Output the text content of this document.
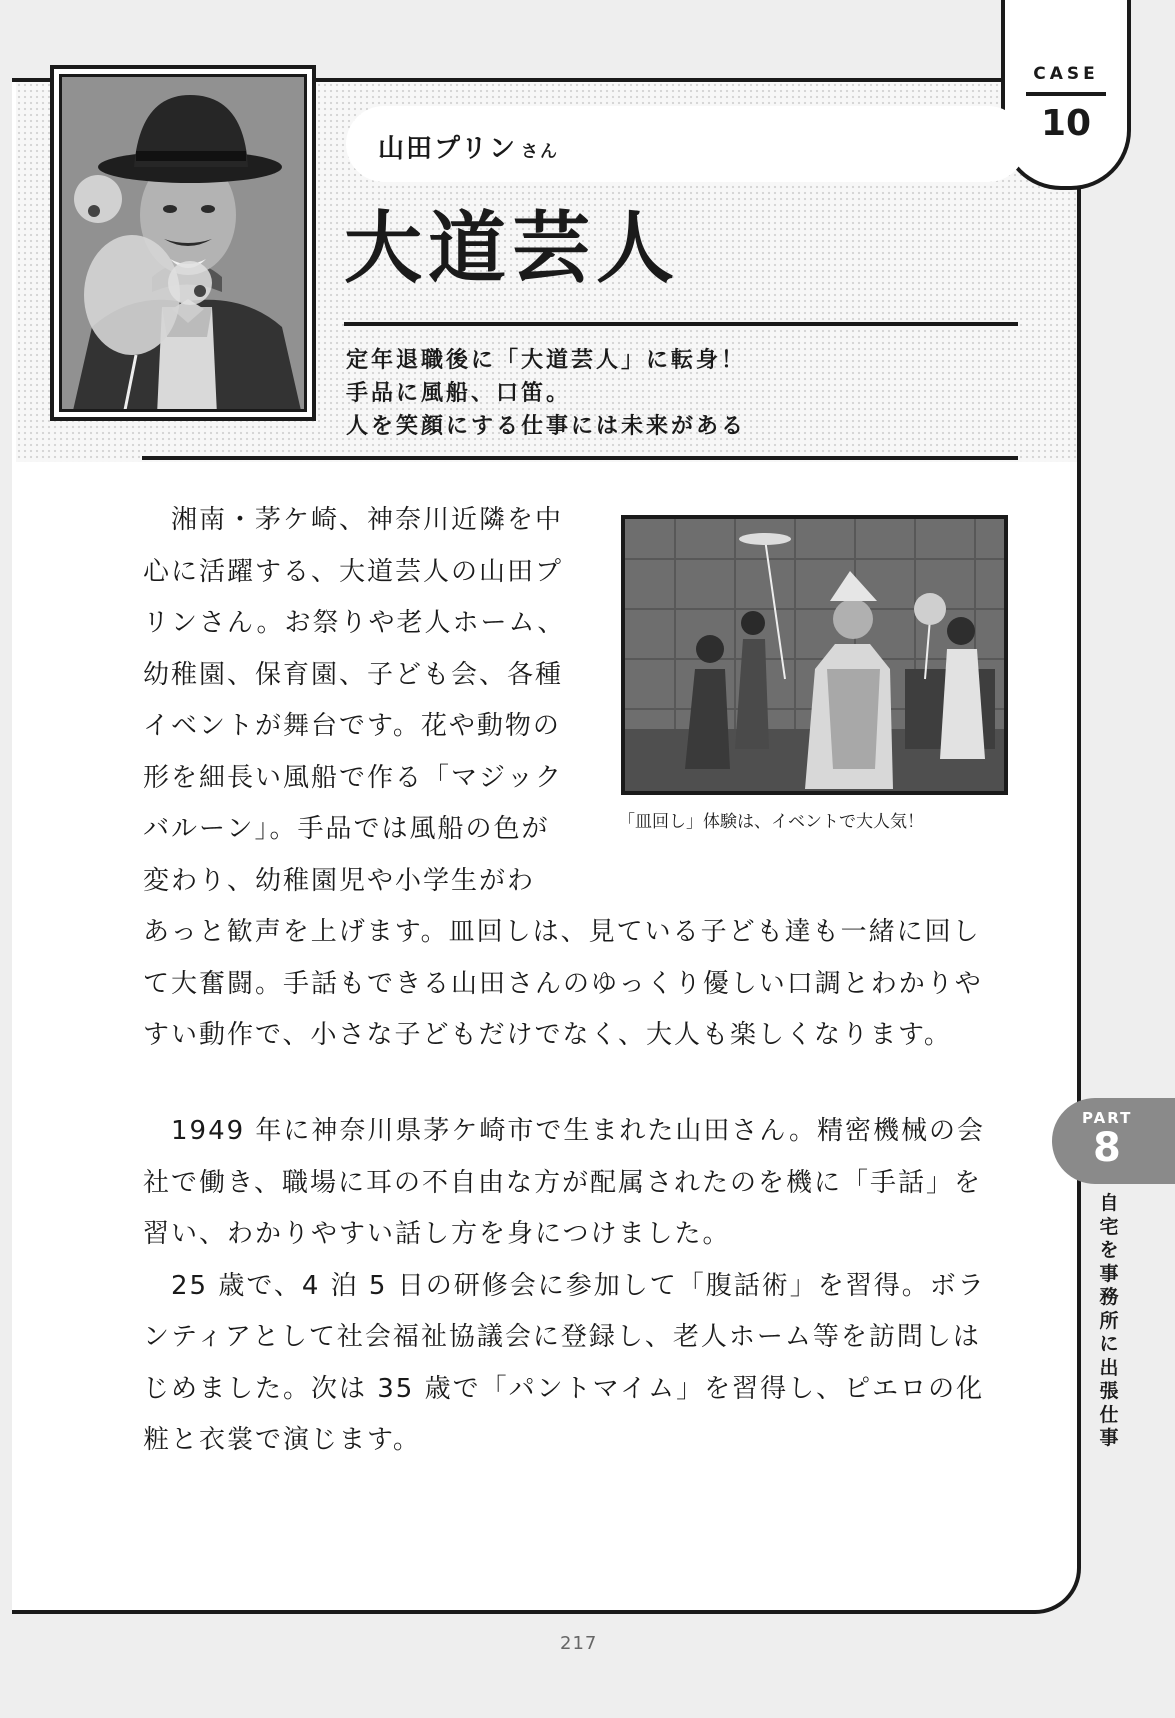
CASE
10
山田プリン さん
大道芸人
定年退職後に「大道芸人」に転身！
手品に風船、口笛。
人を笑顔にする仕事には未来がある
　湘南・茅ケ崎、神奈川近隣を中
心に活躍する、大道芸人の山田プ
リンさん。お祭りや老人ホーム、
幼稚園、保育園、子ども会、各種
イベントが舞台です。花や動物の
形を細長い風船で作る「マジック
バルーン」。手品では風船の色が
変わり、幼稚園児や小学生がわ
あっと歓声を上げます。皿回しは、見ている子ども達も一緒に回し
て大奮闘。手話もできる山田さんのゆっくり優しい口調とわかりや
すい動作で、小さな子どもだけでなく、大人も楽しくなります。
「皿回し」体験は、イベントで大人気！
　1949 年に神奈川県茅ケ崎市で生まれた山田さん。精密機械の会
社で働き、職場に耳の不自由な方が配属されたのを機に「手話」を
習い、わかりやすい話し方を身につけました。
　25 歳で、4 泊 5 日の研修会に参加して「腹話術」を習得。ボラ
ンティアとして社会福祉協議会に登録し、老人ホーム等を訪問しは
じめました。次は 35 歳で「パントマイム」を習得し、ピエロの化
粧と衣裳で演じます。
PART
8
自宅を事務所に出張仕事
217
